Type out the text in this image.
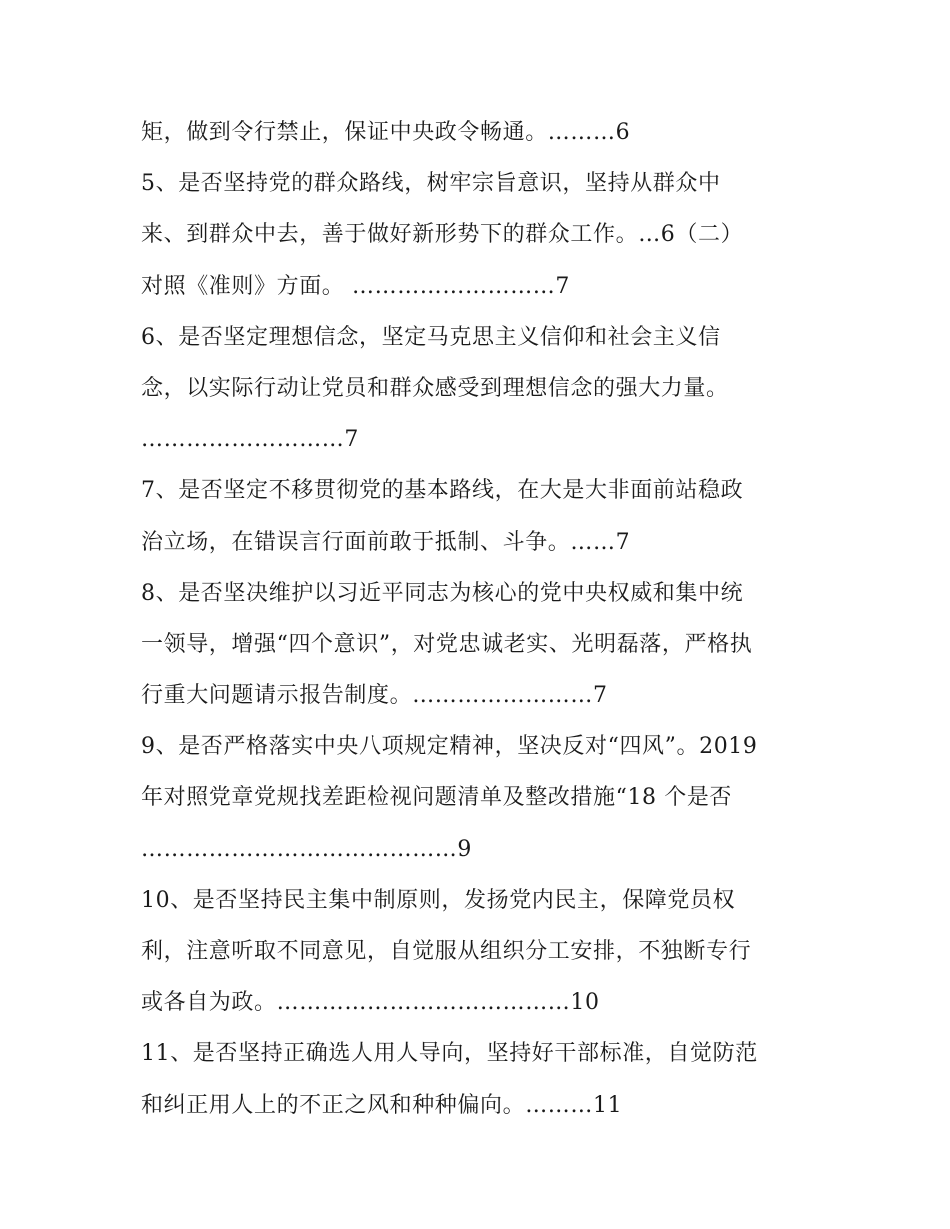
矩，做到令行禁止，保证中央政令畅通。………6
5、是否坚持党的群众路线，树牢宗旨意识，坚持从群众中
来、到群众中去，善于做好新形势下的群众工作。…6（二）
对照《准则》方面。 ………………………7
6、是否坚定理想信念，坚定马克思主义信仰和社会主义信
念，以实际行动让党员和群众感受到理想信念的强大力量。
………………………7
7、是否坚定不移贯彻党的基本路线，在大是大非面前站稳政
治立场，在错误言行面前敢于抵制、斗争。……7
8、是否坚决维护以习近平同志为核心的党中央权威和集中统
一领导，增强“四个意识”，对党忠诚老实、光明磊落，严格执
行重大问题请示报告制度。……………………7
9、是否严格落实中央八项规定精神，坚决反对“四风”。2019
年对照党章党规找差距检视问题清单及整改措施“18 个是否
……………………………………9
10、是否坚持民主集中制原则，发扬党内民主，保障党员权
利，注意听取不同意见，自觉服从组织分工安排，不独断专行
或各自为政。…………………………………10
11、是否坚持正确选人用人导向，坚持好干部标准，自觉防范
和纠正用人上的不正之风和种种偏向。………11
